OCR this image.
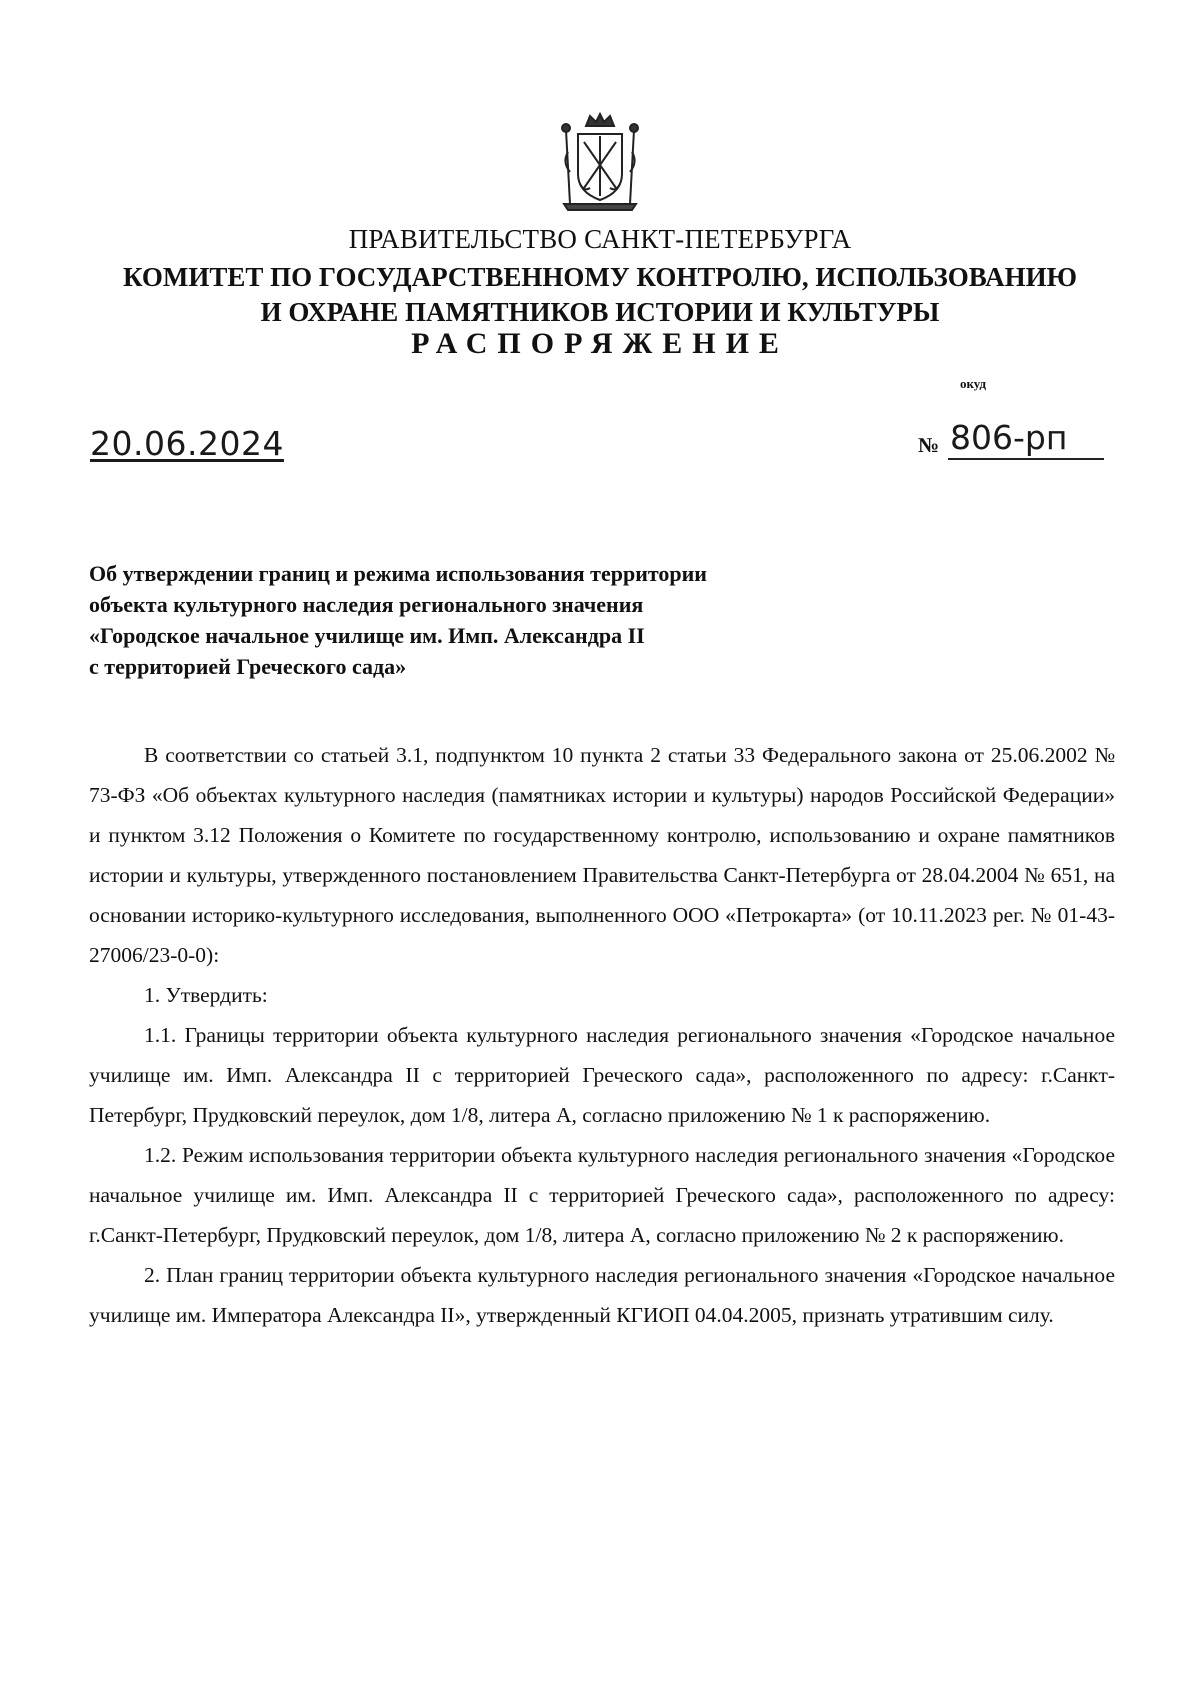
ПРАВИТЕЛЬСТВО САНКТ-ПЕТЕРБУРГА
КОМИТЕТ ПО ГОСУДАРСТВЕННОМУ КОНТРОЛЮ, ИСПОЛЬЗОВАНИЮ
И ОХРАНЕ ПАМЯТНИКОВ ИСТОРИИ И КУЛЬТУРЫ
РАСПОРЯЖЕНИЕ
окуд
20.06.2024	№ 806-рп
Об утверждении границ и режима использования территории
объекта культурного наследия регионального значения
«Городское начальное училище им. Имп. Александра II
с территорией Греческого сада»

В соответствии со статьей 3.1, подпунктом 10 пункта 2 статьи 33 Федерального закона от 25.06.2002 № 73-ФЗ «Об объектах культурного наследия (памятниках истории и культуры) народов Российской Федерации» и пунктом 3.12 Положения о Комитете по государственному контролю, использованию и охране памятников истории и культуры, утвержденного постановлением Правительства Санкт-Петербурга от 28.04.2004 № 651, на основании историко-культурного исследования, выполненного ООО «Петрокарта» (от 10.11.2023 рег. № 01-43-27006/23-0-0):

1. Утвердить:

1.1. Границы территории объекта культурного наследия регионального значения «Городское начальное училище им. Имп. Александра II с территорией Греческого сада», расположенного по адресу: г.Санкт-Петербург, Прудковский переулок, дом 1/8, литера А, согласно приложению № 1 к распоряжению.

1.2. Режим использования территории объекта культурного наследия регионального значения «Городское начальное училище им. Имп. Александра II с территорией Греческого сада», расположенного по адресу: г.Санкт-Петербург, Прудковский переулок, дом 1/8, литера А, согласно приложению № 2 к распоряжению.

2. План границ территории объекта культурного наследия регионального значения «Городское начальное училище им. Императора Александра II», утвержденный КГИОП 04.04.2005, признать утратившим силу.
